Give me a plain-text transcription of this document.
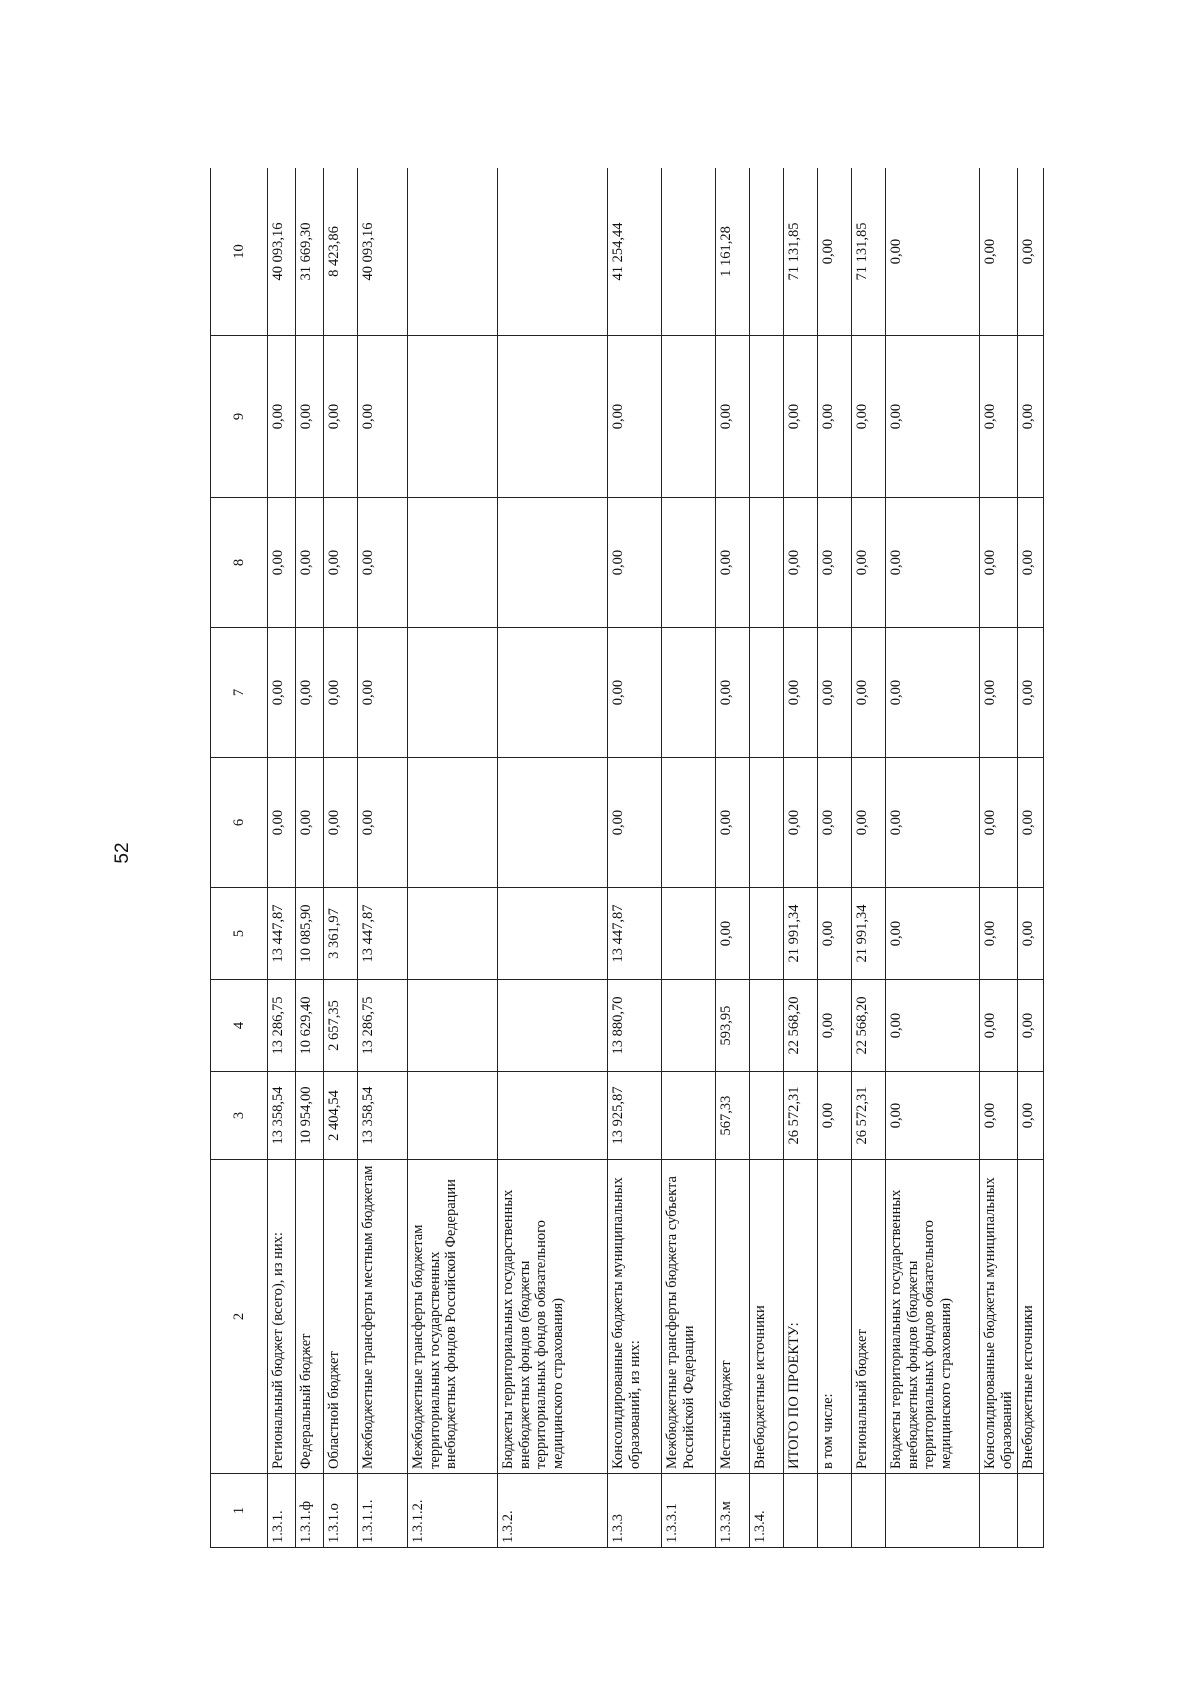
52
1	2	3	4	5	6	7	8	9	10
1.3.1.	Региональный бюджет (всего), из них:	13 358,54	13 286,75	13 447,87	0,00	0,00	0,00	0,00	40 093,16
1.3.1.ф	Федеральный бюджет	10 954,00	10 629,40	10 085,90	0,00	0,00	0,00	0,00	31 669,30
1.3.1.о	Областной бюджет	2 404,54	2 657,35	3 361,97	0,00	0,00	0,00	0,00	8 423,86
1.3.1.1.	Межбюджетные трансферты местным бюджетам	13 358,54	13 286,75	13 447,87	0,00	0,00	0,00	0,00	40 093,16
1.3.1.2.	Межбюджетные трансферты бюджетам территориальных государственных внебюджетных фондов Российской Федерации								
1.3.2.	Бюджеты территориальных государственных внебюджетных фондов (бюджеты территориальных фондов обязательного медицинского страхования)								
1.3.3	Консолидированные бюджеты муниципальных образований, из них:	13 925,87	13 880,70	13 447,87	0,00	0,00	0,00	0,00	41 254,44
1.3.3.1	Межбюджетные трансферты бюджета субъекта Российской Федерации								
1.3.3.м	Местный бюджет	567,33	593,95	0,00	0,00	0,00	0,00	0,00	1 161,28
1.3.4.	Внебюджетные источники								
	ИТОГО ПО ПРОЕКТУ:	26 572,31	22 568,20	21 991,34	0,00	0,00	0,00	0,00	71 131,85
	в том числе:	0,00	0,00	0,00	0,00	0,00	0,00	0,00	0,00
	Региональный бюджет	26 572,31	22 568,20	21 991,34	0,00	0,00	0,00	0,00	71 131,85
	Бюджеты территориальных государственных внебюджетных фондов (бюджеты территориальных фондов обязательного медицинского страхования)	0,00	0,00	0,00	0,00	0,00	0,00	0,00	0,00
	Консолидированные бюджеты муниципальных образований	0,00	0,00	0,00	0,00	0,00	0,00	0,00	0,00
	Внебюджетные источники	0,00	0,00	0,00	0,00	0,00	0,00	0,00	0,00
